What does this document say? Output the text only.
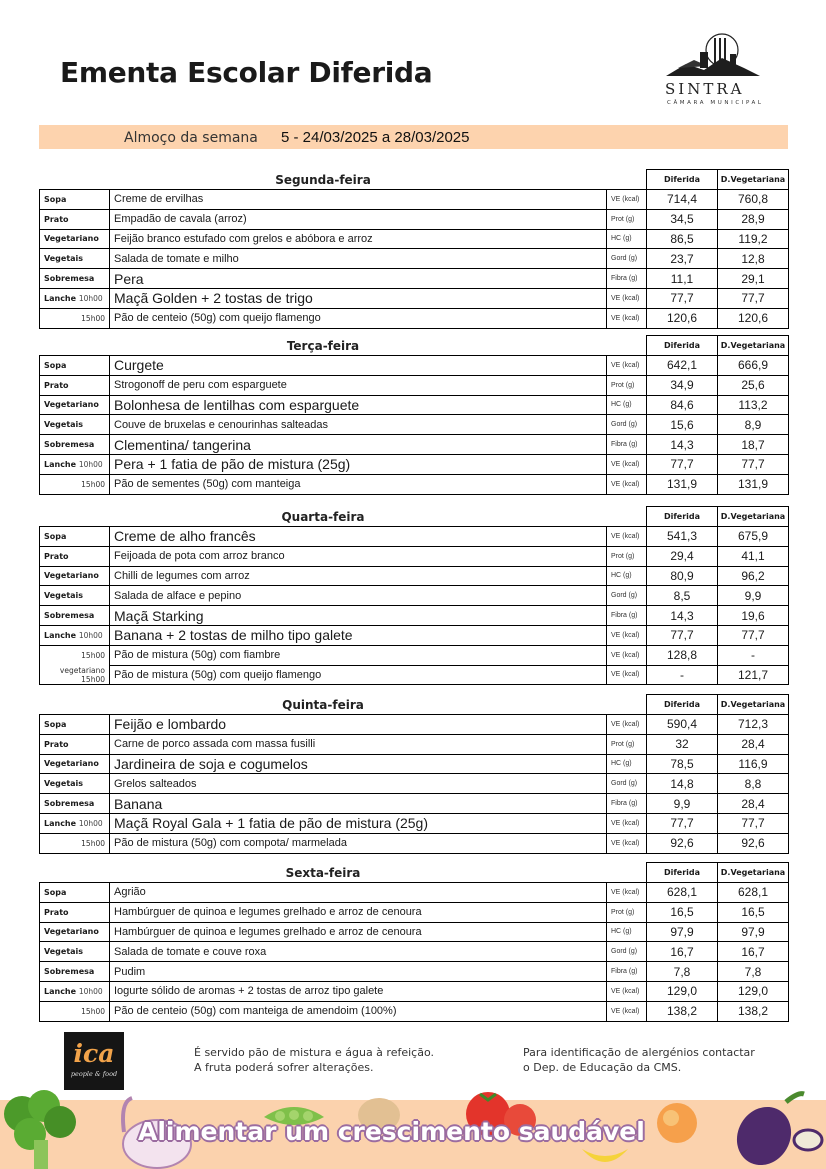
Ementa Escolar Diferida	SINTRA
CÂMARA MUNICIPAL
Almoço da semana 5 - 24/03/2025 a 28/03/2025
Segunda-feira	Diferida	D.Vegetariana
Sopa	Creme de ervilhas	VE (kcal)	714,4	760,8
Prato	Empadão de cavala (arroz)	Prot (g)	34,5	28,9
Vegetariano	Feijão branco estufado com grelos e abóbora e arroz	HC (g)	86,5	119,2
Vegetais	Salada de tomate e milho	Gord (g)	23,7	12,8
Sobremesa	Pera	Fibra (g)	11,1	29,1
Lanche 10h00	Maçã Golden + 2 tostas de trigo	VE (kcal)	77,7	77,7

15h00	Pão de centeio (50g) com queijo flamengo	VE (kcal)	120,6	120,6
Terça-feira	Diferida	D.Vegetariana
Sopa	Curgete	VE (kcal)	642,1	666,9
Prato	Strogonoff de peru com esparguete	Prot (g)	34,9	25,6
Vegetariano	Bolonhesa de lentilhas com esparguete	HC (g)	84,6	113,2
Vegetais	Couve de bruxelas e cenourinhas salteadas	Gord (g)	15,6	8,9
Sobremesa	Clementina/ tangerina	Fibra (g)	14,3	18,7
Lanche 10h00	Pera + 1 fatia de pão de mistura (25g)	VE (kcal)	77,7	77,7

15h00	Pão de sementes (50g) com manteiga	VE (kcal)	131,9	131,9
Quarta-feira	Diferida	D.Vegetariana
Sopa	Creme de alho francês	VE (kcal)	541,3	675,9
Prato	Feijoada de pota com arroz branco	Prot (g)	29,4	41,1
Vegetariano	Chilli de legumes com arroz	HC (g)	80,9	96,2
Vegetais	Salada de alface e pepino	Gord (g)	8,5	9,9
Sobremesa	Maçã Starking	Fibra (g)	14,3	19,6
Lanche 10h00	Banana + 2 tostas de milho tipo galete	VE (kcal)	77,7	77,7

15h00	Pão de mistura (50g) com fiambre	VE (kcal)	128,8	-

vegetariano
15h00	Pão de mistura (50g) com queijo flamengo	VE (kcal)	-	121,7
Quinta-feira	Diferida	D.Vegetariana
Sopa	Feijão e lombardo	VE (kcal)	590,4	712,3
Prato	Carne de porco assada com massa fusilli	Prot (g)	32	28,4
Vegetariano	Jardineira de soja e cogumelos	HC (g)	78,5	116,9
Vegetais	Grelos salteados	Gord (g)	14,8	8,8
Sobremesa	Banana	Fibra (g)	9,9	28,4
Lanche 10h00	Maçã Royal Gala + 1 fatia de pão de mistura (25g)	VE (kcal)	77,7	77,7

15h00	Pão de mistura (50g) com compota/ marmelada	VE (kcal)	92,6	92,6
Sexta-feira	Diferida	D.Vegetariana
Sopa	Agrião	VE (kcal)	628,1	628,1
Prato	Hambúrguer de quinoa e legumes grelhado e arroz de cenoura	Prot (g)	16,5	16,5
Vegetariano	Hambúrguer de quinoa e legumes grelhado e arroz de cenoura	HC (g)	97,9	97,9
Vegetais	Salada de tomate e couve roxa	Gord (g)	16,7	16,7
Sobremesa	Pudim	Fibra (g)	7,8	7,8
Lanche 10h00	Iogurte sólido de aromas + 2 tostas de arroz tipo galete	VE (kcal)	129,0	129,0

15h00	Pão de centeio (50g) com manteiga de amendoim (100%)	VE (kcal)	138,2	138,2
ica
people & food
É servido pão de mistura e água à refeição.
A fruta poderá sofrer alterações.
Para identificação de alergénios contactar
o Dep. de Educação da CMS.
Alimentar um crescimento saudável
